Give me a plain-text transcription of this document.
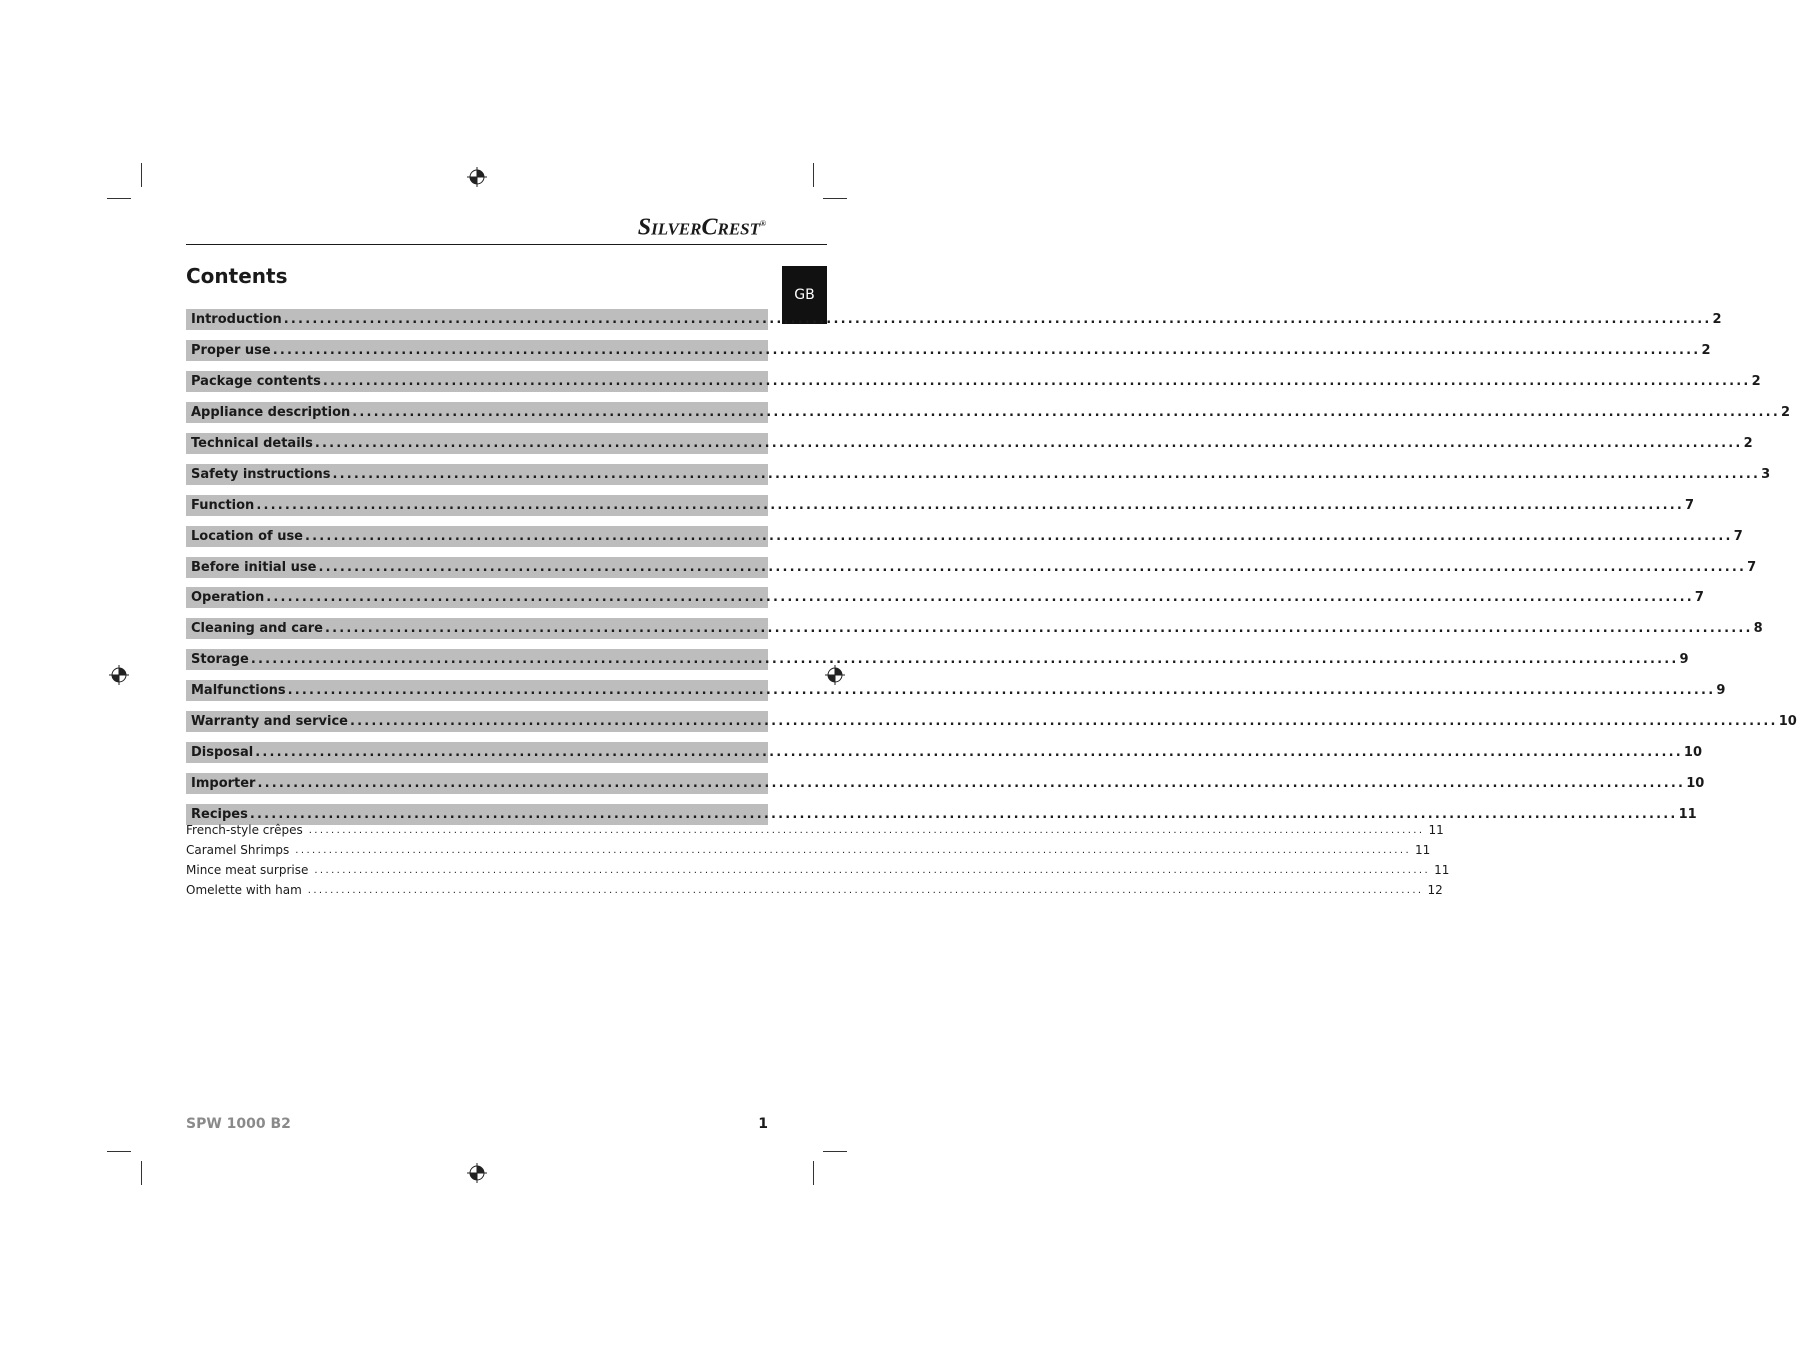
SILVERCREST®
Contents
GB
Introduction ........................................................................................................................................................................................................ 2
Proper use ........................................................................................................................................................................................................ 2
Package contents ........................................................................................................................................................................................................ 2
Appliance description ........................................................................................................................................................................................................ 2
Technical details ........................................................................................................................................................................................................ 2
Safety instructions ........................................................................................................................................................................................................ 3
Function ........................................................................................................................................................................................................ 7
Location of use ........................................................................................................................................................................................................ 7
Before initial use ........................................................................................................................................................................................................ 7
Operation ........................................................................................................................................................................................................ 7
Cleaning and care ........................................................................................................................................................................................................ 8
Storage ........................................................................................................................................................................................................ 9
Malfunctions ........................................................................................................................................................................................................ 9
Warranty and service ........................................................................................................................................................................................................ 10
Disposal ........................................................................................................................................................................................................ 10
Importer ........................................................................................................................................................................................................ 10
Recipes ........................................................................................................................................................................................................ 11
French-style crêpes ........................................................................................................................................................................................................ 11
Caramel Shrimps ........................................................................................................................................................................................................ 11
Mince meat surprise ........................................................................................................................................................................................................ 11
Omelette with ham ........................................................................................................................................................................................................ 12
SPW 1000 B2	1
